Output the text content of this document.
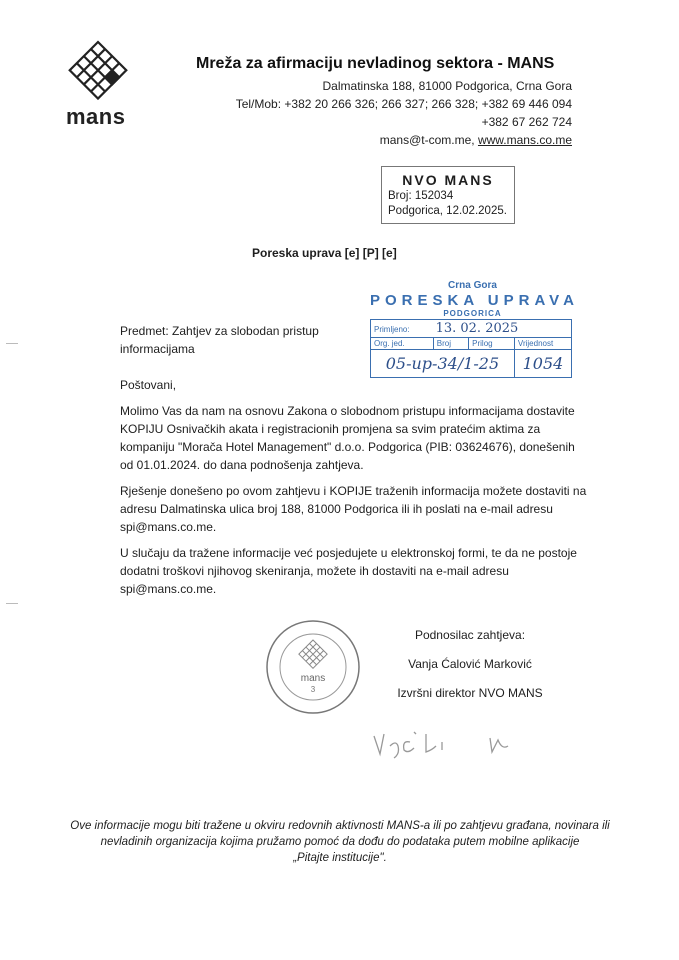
mans
Mreža za afirmaciju nevladinog sektora - MANS
Dalmatinska 188, 81000 Podgorica, Crna Gora
Tel/Mob: +382 20 266 326; 266 327; 266 328; +382 69 446 094
+382 67 262 724
mans@t-com.me, www.mans.co.me
NVO MANS
Broj: 152034
Podgorica, 12.02.2025.
Poreska uprava [e] [P] [e]
Crna Gora
PORESKA UPRAVA
PODGORICA
Primljeno: 13. 02. 2025			
Org. jed.	Broj	Prilog	Vrijednost
05-up-34/1-25			1054
Predmet: Zahtjev za slobodan pristup informacijama
Poštovani,

Molimo Vas da nam na osnovu Zakona o slobodnom pristupu informacijama dostavite KOPIJU Osnivačkih akata i registracionih promjena sa svim pratećim aktima za kompaniju "Morača Hotel Management" d.o.o. Podgorica (PIB: 03624676), donešenih od 01.01.2024. do dana podnošenja zahtjeva.

Rješenje donešeno po ovom zahtjevu i KOPIJE traženih informacija možete dostaviti na adresu Dalmatinska ulica broj 188, 81000 Podgorica ili ih poslati na e-mail adresu spi@mans.co.me.

U slučaju da tražene informacije već posjedujete u elektronskoj formi, te da ne postoje dodatni troškovi njihovog skeniranja, možete ih dostaviti na e-mail adresu spi@mans.co.me.

mans
3
Podnosilac zahtjeva:
Vanja Ćalović Marković
Izvršni direktor NVO MANS
Ove informacije mogu biti tražene u okviru redovnih aktivnosti MANS-a ili po zahtjevu građana, novinara ili
nevladinih organizacija kojima pružamo pomoć da dođu do podataka putem mobilne aplikacije
„Pitajte institucije".
